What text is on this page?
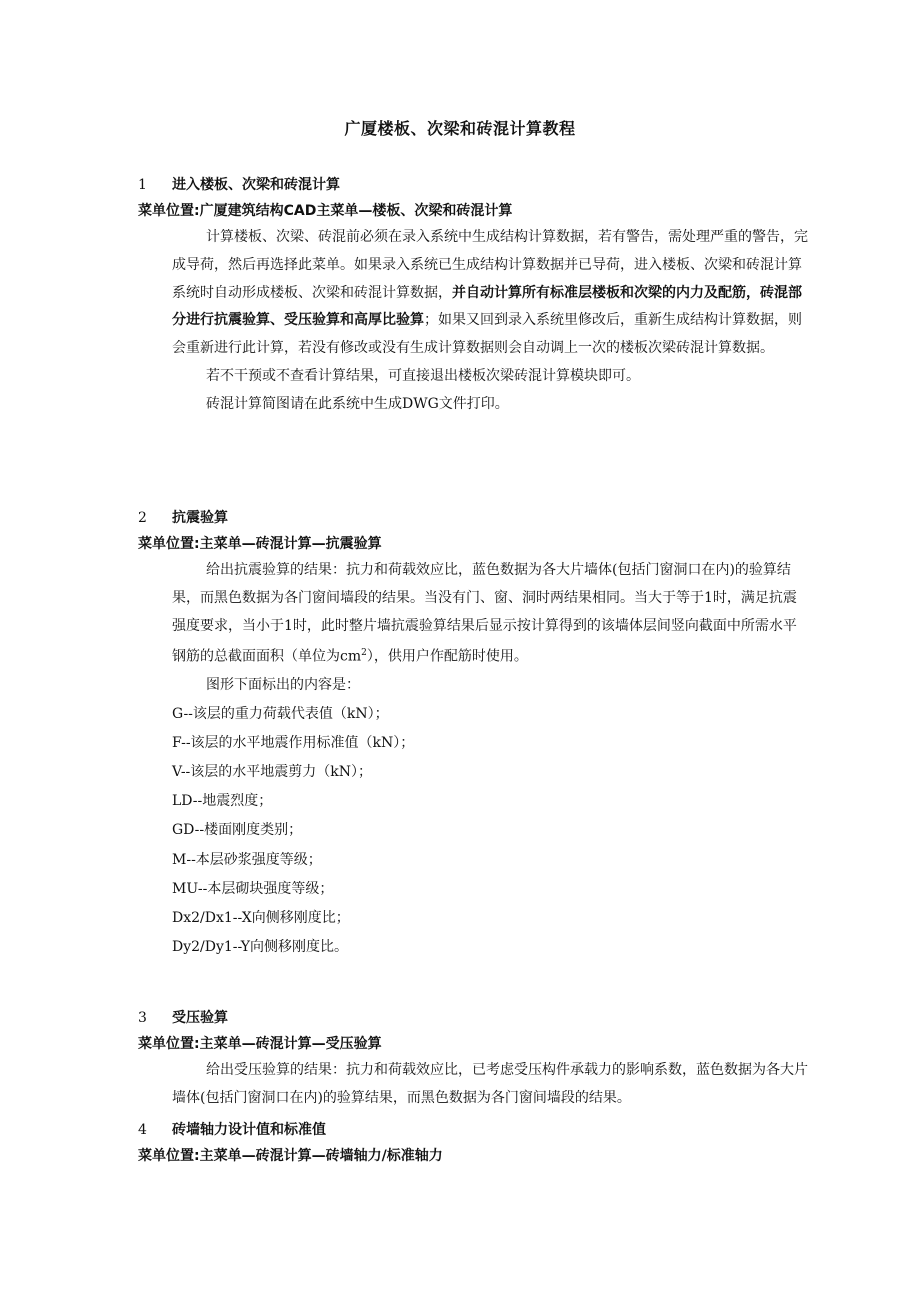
广厦楼板、次梁和砖混计算教程
1 进入楼板、次梁和砖混计算
菜单位置:广厦建筑结构CAD主菜单—楼板、次梁和砖混计算

计算楼板、次梁、砖混前必须在录入系统中生成结构计算数据，若有警告，需处理严重的警告，完成导荷，然后再选择此菜单。如果录入系统已生成结构计算数据并已导荷，进入楼板、次梁和砖混计算系统时自动形成楼板、次梁和砖混计算数据，并自动计算所有标准层楼板和次梁的内力及配筋，砖混部分进行抗震验算、受压验算和高厚比验算；如果又回到录入系统里修改后，重新生成结构计算数据，则会重新进行此计算，若没有修改或没有生成计算数据则会自动调上一次的楼板次梁砖混计算数据。

若不干预或不查看计算结果，可直接退出楼板次梁砖混计算模块即可。

砖混计算简图请在此系统中生成DWG文件打印。

2 抗震验算
菜单位置:主菜单—砖混计算—抗震验算

给出抗震验算的结果：抗力和荷载效应比，蓝色数据为各大片墙体(包括门窗洞口在内)的验算结果，而黑色数据为各门窗间墙段的结果。当没有门、窗、洞时两结果相同。当大于等于1时，满足抗震强度要求，当小于1时，此时整片墙抗震验算结果后显示按计算得到的该墙体层间竖向截面中所需水平钢筋的总截面面积（单位为$cm^2$），供用户作配筋时使用。

图形下面标出的内容是：

G--该层的重力荷载代表值（kN）；
F--该层的水平地震作用标准值（kN）；
V--该层的水平地震剪力（kN）；
LD--地震烈度；
GD--楼面刚度类别；
M--本层砂浆强度等级；
MU--本层砌块强度等级；
Dx2/Dx1--X向侧移刚度比；
Dy2/Dy1--Y向侧移刚度比。
3 受压验算
菜单位置:主菜单—砖混计算—受压验算

给出受压验算的结果：抗力和荷载效应比，已考虑受压构件承载力的影响系数，蓝色数据为各大片墙体(包括门窗洞口在内)的验算结果，而黑色数据为各门窗间墙段的结果。

4 砖墙轴力设计值和标准值
菜单位置:主菜单—砖混计算—砖墙轴力/标准轴力
